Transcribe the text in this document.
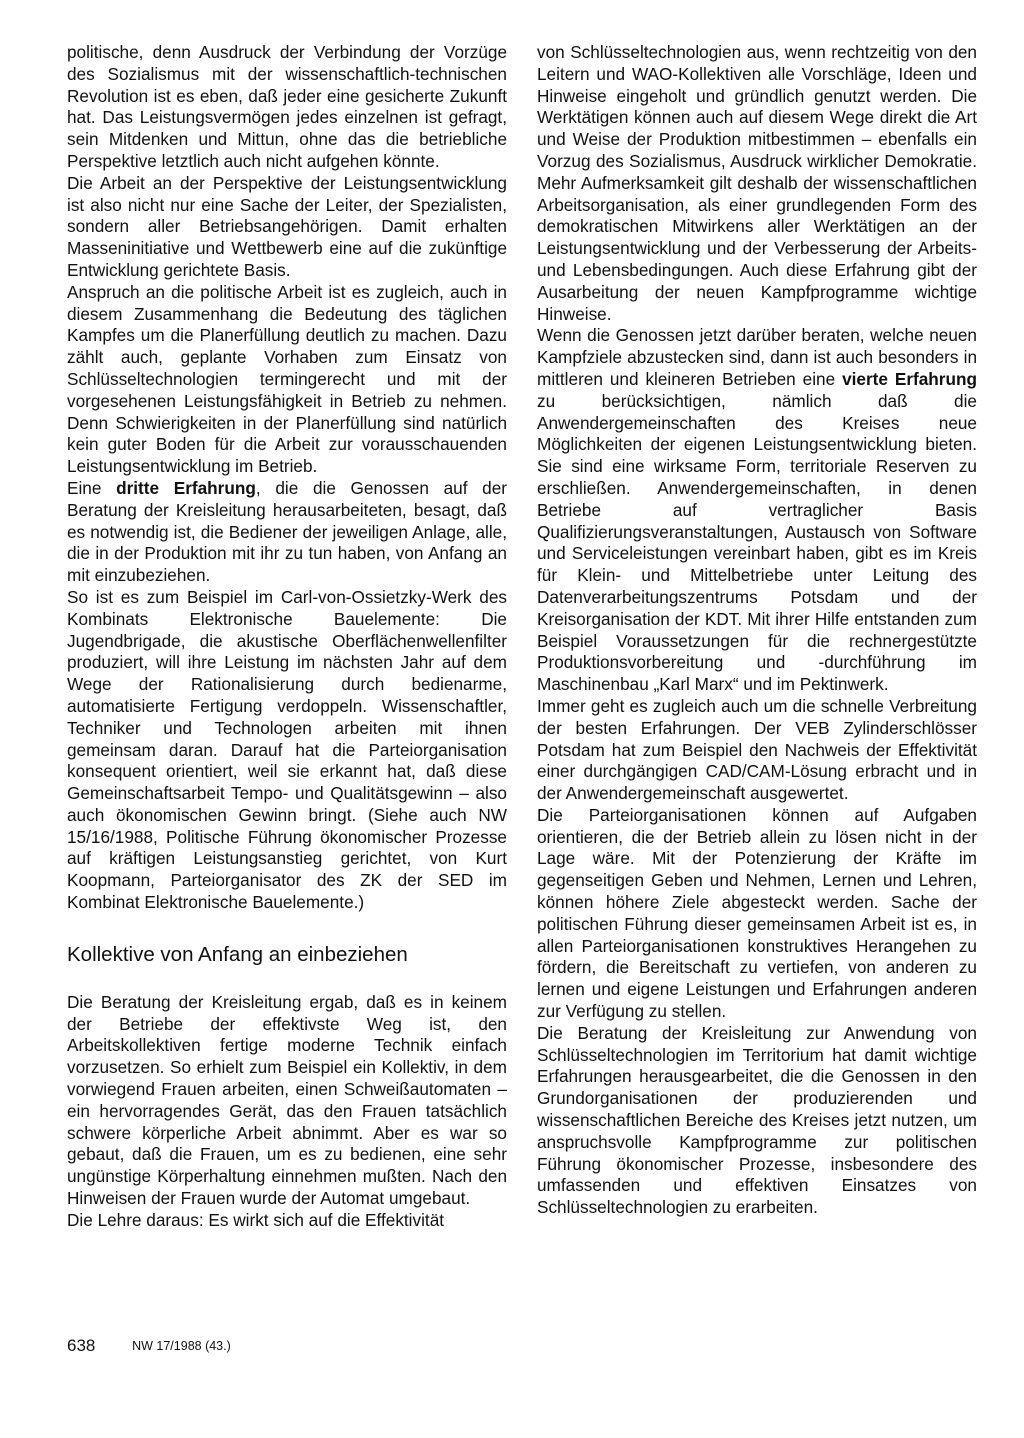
politische, denn Ausdruck der Verbindung der Vorzüge des Sozialismus mit der wissenschaftlich-technischen Revolution ist es eben, daß jeder eine gesicherte Zukunft hat. Das Leistungsvermögen jedes einzelnen ist gefragt, sein Mitdenken und Mittun, ohne das die betriebliche Perspektive letztlich auch nicht aufgehen könnte.

Die Arbeit an der Perspektive der Leistungsentwicklung ist also nicht nur eine Sache der Leiter, der Spezialisten, sondern aller Betriebsangehörigen. Damit erhalten Masseninitiative und Wettbewerb eine auf die zukünftige Entwicklung gerichtete Basis.

Anspruch an die politische Arbeit ist es zugleich, auch in diesem Zusammenhang die Bedeutung des täglichen Kampfes um die Planerfüllung deutlich zu machen. Dazu zählt auch, geplante Vorhaben zum Einsatz von Schlüsseltechnologien termingerecht und mit der vorgesehenen Leistungsfähigkeit in Betrieb zu nehmen. Denn Schwierigkeiten in der Planerfüllung sind natürlich kein guter Boden für die Arbeit zur vorausschauenden Leistungsentwicklung im Betrieb.

Eine dritte Erfahrung, die die Genossen auf der Beratung der Kreisleitung herausarbeiteten, besagt, daß es notwendig ist, die Bediener der jeweiligen Anlage, alle, die in der Produktion mit ihr zu tun haben, von Anfang an mit einzubeziehen.

So ist es zum Beispiel im Carl-von-Ossietzky-Werk des Kombinats Elektronische Bauelemente: Die Jugendbrigade, die akustische Oberflächenwellenfilter produziert, will ihre Leistung im nächsten Jahr auf dem Wege der Rationalisierung durch bedienarme, automatisierte Fertigung verdoppeln. Wissenschaftler, Techniker und Technologen arbeiten mit ihnen gemeinsam daran. Darauf hat die Parteiorganisation konsequent orientiert, weil sie erkannt hat, daß diese Gemeinschaftsarbeit Tempo- und Qualitätsgewinn – also auch ökonomischen Gewinn bringt. (Siehe auch NW 15/16/1988, Politische Führung ökonomischer Prozesse auf kräftigen Leistungsanstieg gerichtet, von Kurt Koopmann, Parteiorganisator des ZK der SED im Kombinat Elektronische Bauelemente.)

Kollektive von Anfang an einbeziehen

Die Beratung der Kreisleitung ergab, daß es in keinem der Betriebe der effektivste Weg ist, den Arbeitskollektiven fertige moderne Technik einfach vorzusetzen. So erhielt zum Beispiel ein Kollektiv, in dem vorwiegend Frauen arbeiten, einen Schweißautomaten – ein hervorragendes Gerät, das den Frauen tatsächlich schwere körperliche Arbeit abnimmt. Aber es war so gebaut, daß die Frauen, um es zu bedienen, eine sehr ungünstige Körperhaltung einnehmen mußten. Nach den Hinweisen der Frauen wurde der Automat umgebaut.

Die Lehre daraus: Es wirkt sich auf die Effektivität

von Schlüsseltechnologien aus, wenn rechtzeitig von den Leitern und WAO-Kollektiven alle Vorschläge, Ideen und Hinweise eingeholt und gründlich genutzt werden. Die Werktätigen können auch auf diesem Wege direkt die Art und Weise der Produktion mitbestimmen – ebenfalls ein Vorzug des Sozialismus, Ausdruck wirklicher Demokratie. Mehr Aufmerksamkeit gilt deshalb der wissenschaftlichen Arbeitsorganisation, als einer grundlegenden Form des demokratischen Mitwirkens aller Werktätigen an der Leistungsentwicklung und der Verbesserung der Arbeits- und Lebensbedingungen. Auch diese Erfahrung gibt der Ausarbeitung der neuen Kampfprogramme wichtige Hinweise.

Wenn die Genossen jetzt darüber beraten, welche neuen Kampfziele abzustecken sind, dann ist auch besonders in mittleren und kleineren Betrieben eine vierte Erfahrung zu berücksichtigen, nämlich daß die Anwendergemeinschaften des Kreises neue Möglichkeiten der eigenen Leistungsentwicklung bieten. Sie sind eine wirksame Form, territoriale Reserven zu erschließen. Anwendergemeinschaften, in denen Betriebe auf vertraglicher Basis Qualifizierungsveranstaltungen, Austausch von Software und Serviceleistungen vereinbart haben, gibt es im Kreis für Klein- und Mittelbetriebe unter Leitung des Datenverarbeitungszentrums Potsdam und der Kreisorganisation der KDT. Mit ihrer Hilfe entstanden zum Beispiel Voraussetzungen für die rechnergestützte Produktionsvorbereitung und -durchführung im Maschinenbau „Karl Marx“ und im Pektinwerk.

Immer geht es zugleich auch um die schnelle Verbreitung der besten Erfahrungen. Der VEB Zylinderschlösser Potsdam hat zum Beispiel den Nachweis der Effektivität einer durchgängigen CAD/CAM-Lösung erbracht und in der Anwendergemeinschaft ausgewertet.

Die Parteiorganisationen können auf Aufgaben orientieren, die der Betrieb allein zu lösen nicht in der Lage wäre. Mit der Potenzierung der Kräfte im gegenseitigen Geben und Nehmen, Lernen und Lehren, können höhere Ziele abgesteckt werden. Sache der politischen Führung dieser gemeinsamen Arbeit ist es, in allen Parteiorganisationen konstruktives Herangehen zu fördern, die Bereitschaft zu vertiefen, von anderen zu lernen und eigene Leistungen und Erfahrungen anderen zur Verfügung zu stellen.

Die Beratung der Kreisleitung zur Anwendung von Schlüsseltechnologien im Territorium hat damit wichtige Erfahrungen herausgearbeitet, die die Genossen in den Grundorganisationen der produzierenden und wissenschaftlichen Bereiche des Kreises jetzt nutzen, um anspruchsvolle Kampfprogramme zur politischen Führung ökonomischer Prozesse, insbesondere des umfassenden und effektiven Einsatzes von Schlüsseltechnologien zu erarbeiten.

638	NW 17/1988 (43.)
